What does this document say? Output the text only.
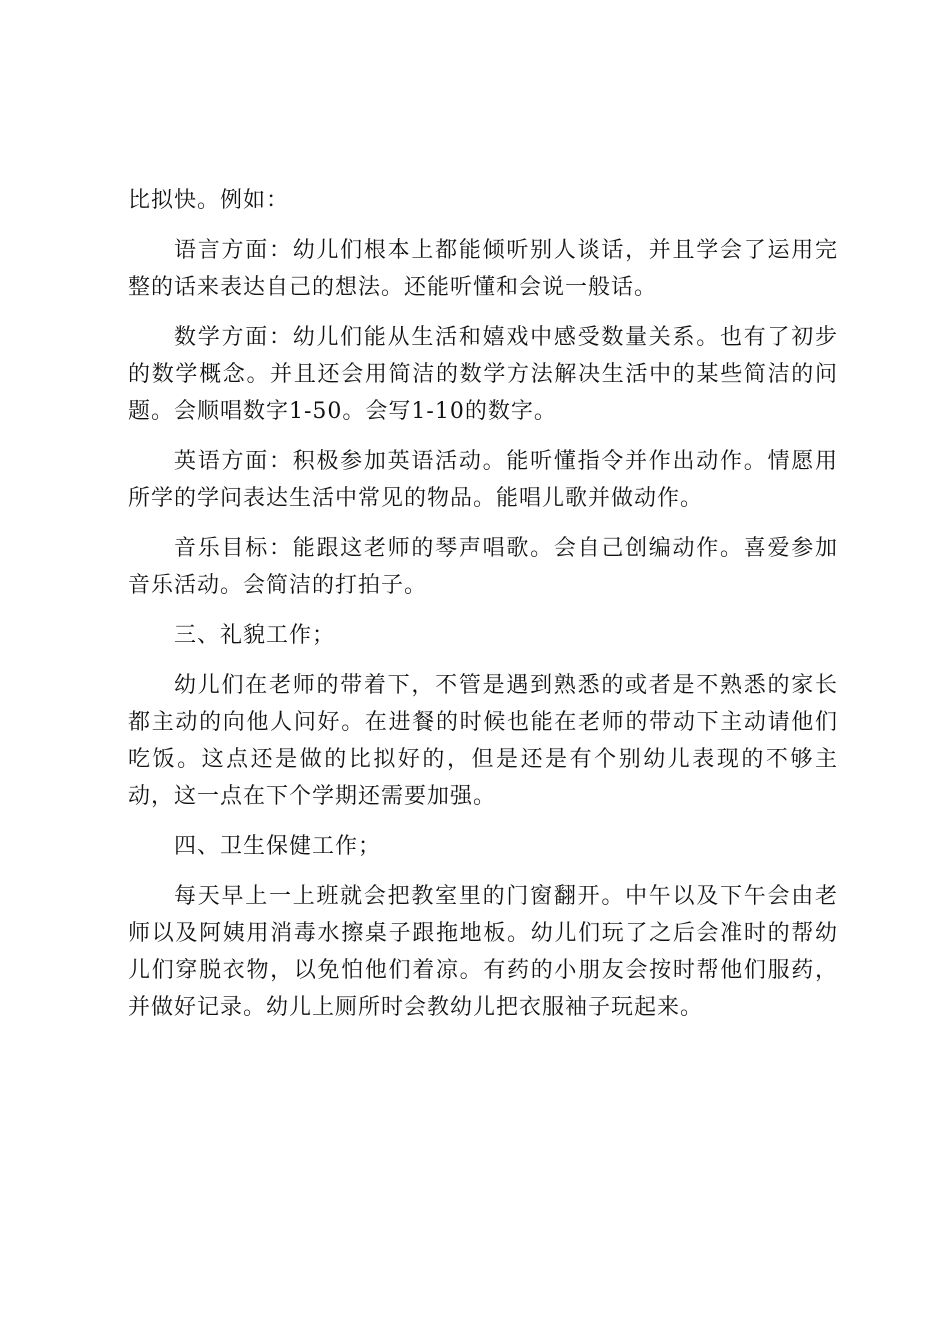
比拟快。例如：

语言方面：幼儿们根本上都能倾听别人谈话，并且学会了运用完整的话来表达自己的想法。还能听懂和会说一般话。

数学方面：幼儿们能从生活和嬉戏中感受数量关系。也有了初步的数学概念。并且还会用简洁的数学方法解决生活中的某些简洁的问题。会顺唱数字1-50。会写1-10的数字。

英语方面：积极参加英语活动。能听懂指令并作出动作。情愿用所学的学问表达生活中常见的物品。能唱儿歌并做动作。

音乐目标：能跟这老师的琴声唱歌。会自己创编动作。喜爱参加音乐活动。会简洁的打拍子。

三、礼貌工作；

幼儿们在老师的带着下，不管是遇到熟悉的或者是不熟悉的家长都主动的向他人问好。在进餐的时候也能在老师的带动下主动请他们吃饭。这点还是做的比拟好的，但是还是有个别幼儿表现的不够主动，这一点在下个学期还需要加强。

四、卫生保健工作；

每天早上一上班就会把教室里的门窗翻开。中午以及下午会由老师以及阿姨用消毒水擦桌子跟拖地板。幼儿们玩了之后会准时的帮幼儿们穿脱衣物，以免怕他们着凉。有药的小朋友会按时帮他们服药，并做好记录。幼儿上厕所时会教幼儿把衣服袖子玩起来。
